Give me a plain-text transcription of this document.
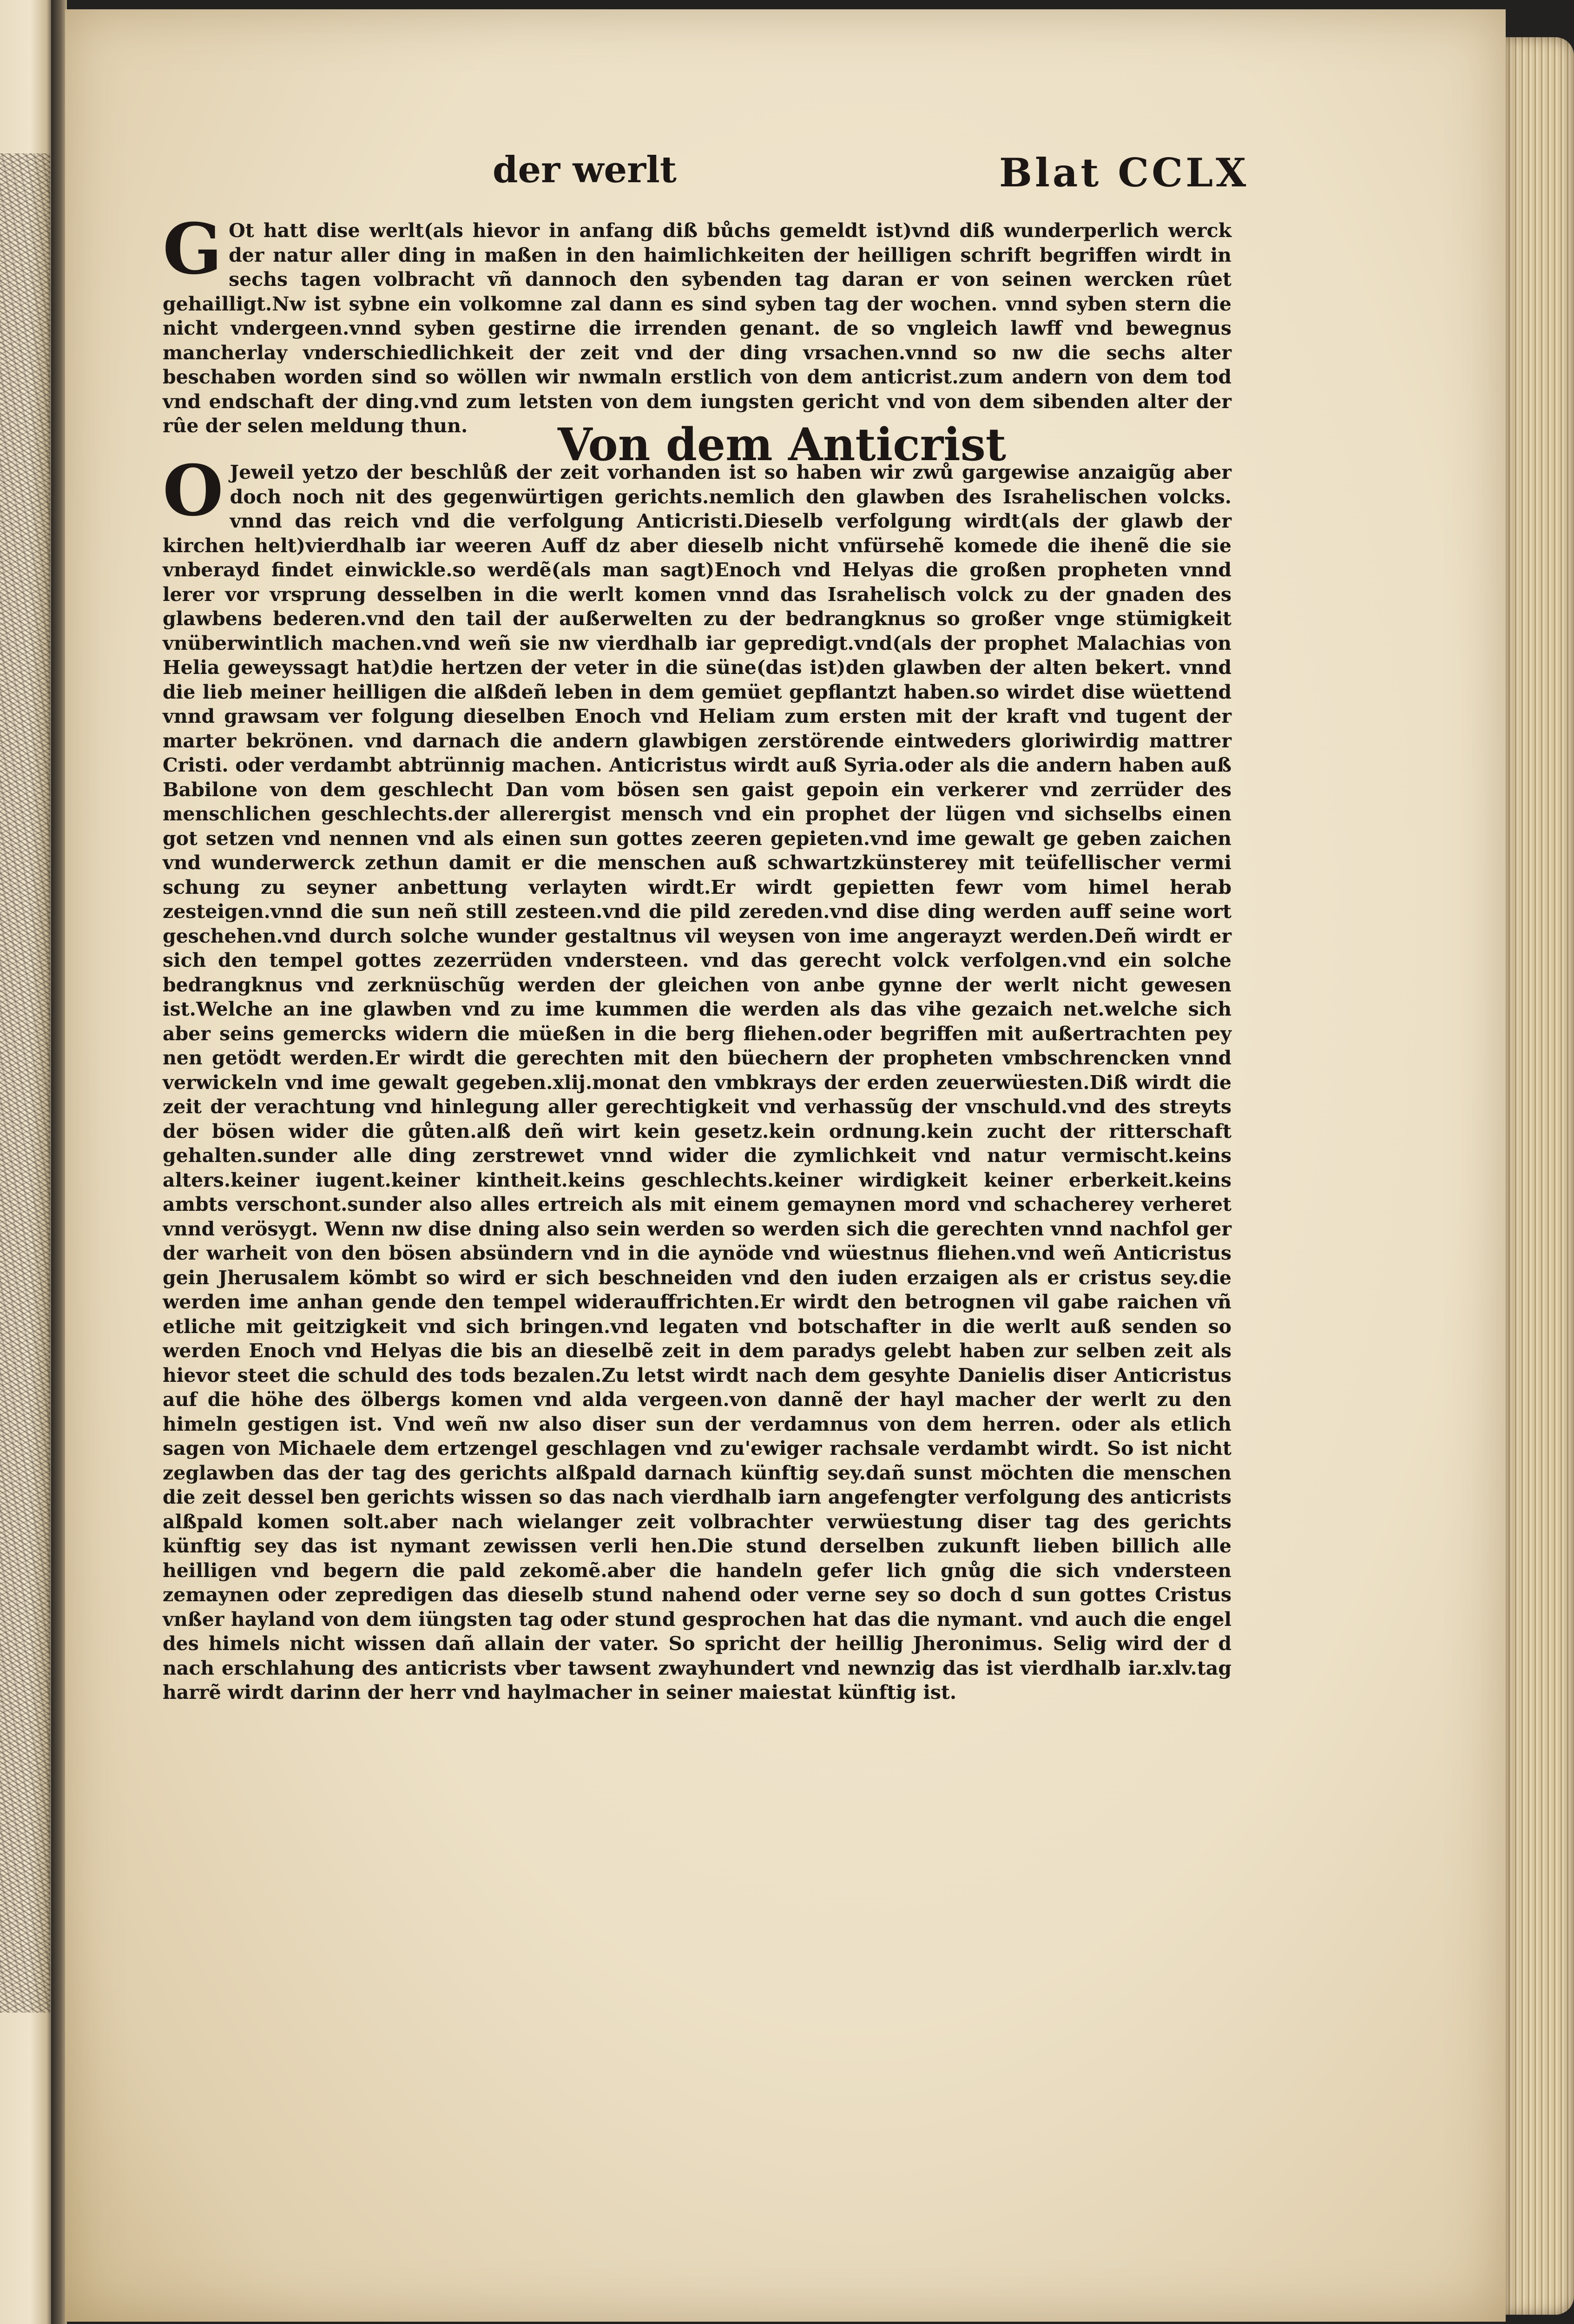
der werlt	Blat CCLX

G Ot hatt dise werlt(als hievor in anfang diß bůchs gemeldt ist)vnd diß wunderperlich werck der natur aller ding in maßen in den haimlichkeiten der heilligen schrift begriffen wirdt in sechs tagen volbracht vñ dannoch den sybenden tag daran er von seinen wercken rûet gehailligt.Nw ist sybne ein volkomne zal dann es sind syben tag der wochen. vnnd syben stern die nicht vndergeen.vnnd syben gestirne die irrenden genant. de so vngleich lawff vnd bewegnus mancherlay vnderschiedlichkeit der zeit vnd der ding vrsachen.vnnd so nw die sechs alter beschaben worden sind so wöllen wir nwmaln erstlich von dem anticrist.zum andern von dem tod vnd endschaft der ding.vnd zum letsten von dem iungsten gericht vnd von dem sibenden alter der rûe der selen meldung thun.	Von dem Anticrist

O Jeweil yetzo der beschlůß der zeit vorhanden ist so haben wir zwů gargewise anzaigũg aber doch noch nit des gegenwürtigen gerichts.nemlich den glawben des Israhelischen volcks. vnnd das reich vnd die verfolgung Anticristi.Dieselb verfolgung wirdt(als der glawb der kirchen helt)vierdhalb iar weeren Auff dz aber dieselb nicht vnfürsehẽ komede die ihenẽ die sie vnberayd findet einwickle.so werdẽ(als man sagt)Enoch vnd Helyas die großen propheten vnnd lerer vor vrsprung desselben in die werlt komen vnnd das Israhelisch volck zu der gnaden des glawbens bederen.vnd den tail der außerwelten zu der bedrangknus so großer vnge stümigkeit vnüberwintlich machen.vnd weñ sie nw vierdhalb iar gepredigt.vnd(als der prophet Malachias von Helia geweyssagt hat)die hertzen der veter in die süne(das ist)den glawben der alten bekert. vnnd die lieb meiner heilligen die alßdeñ leben in dem gemüet gepflantzt haben.so wirdet dise wüettend vnnd grawsam ver folgung dieselben Enoch vnd Heliam zum ersten mit der kraft vnd tugent der marter bekrönen. vnd darnach die andern glawbigen zerstörende eintweders gloriwirdig mattrer Cristi. oder verdambt abtrünnig machen. Anticristus wirdt auß Syria.oder als die andern haben auß Babilone von dem geschlecht Dan vom bösen sen gaist gepoin ein verkerer vnd zerrüder des menschlichen geschlechts.der allerergist mensch vnd ein prophet der lügen vnd sichselbs einen got setzen vnd nennen vnd als einen sun gottes zeeren gepieten.vnd ime gewalt ge geben zaichen vnd wunderwerck zethun damit er die menschen auß schwartzkünsterey mit teüfellischer vermi schung zu seyner anbettung verlayten wirdt.Er wirdt gepietten fewr vom himel herab zesteigen.vnnd die sun neñ still zesteen.vnd die pild zereden.vnd dise ding werden auff seine wort geschehen.vnd durch solche wunder gestaltnus vil weysen von ime angerayzt werden.Deñ wirdt er sich den tempel gottes zezerrüden vndersteen. vnd das gerecht volck verfolgen.vnd ein solche bedrangknus vnd zerknüschũg werden der gleichen von anbe gynne der werlt nicht gewesen ist.Welche an ine glawben vnd zu ime kummen die werden als das vihe gezaich net.welche sich aber seins gemercks widern die müeßen in die berg fliehen.oder begriffen mit außertrachten pey nen getödt werden.Er wirdt die gerechten mit den büechern der propheten vmbschrencken vnnd verwickeln vnd ime gewalt gegeben.xlij.monat den vmbkrays der erden zeuerwüesten.Diß wirdt die zeit der verachtung vnd hinlegung aller gerechtigkeit vnd verhassũg der vnschuld.vnd des streyts der bösen wider die gůten.alß deñ wirt kein gesetz.kein ordnung.kein zucht der ritterschaft gehalten.sunder alle ding zerstrewet vnnd wider die zymlichkeit vnd natur vermischt.keins alters.keiner iugent.keiner kintheit.keins geschlechts.keiner wirdigkeit keiner erberkeit.keins ambts verschont.sunder also alles ertreich als mit einem gemaynen mord vnd schacherey verheret vnnd verösygt. Wenn nw dise dning also sein werden so werden sich die gerechten vnnd nachfol ger der warheit von den bösen absündern vnd in die aynöde vnd wüestnus fliehen.vnd weñ Anticristus gein Jherusalem kömbt so wird er sich beschneiden vnd den iuden erzaigen als er cristus sey.die werden ime anhan gende den tempel widerauffrichten.Er wirdt den betrognen vil gabe raichen vñ etliche mit geitzigkeit vnd sich bringen.vnd legaten vnd botschafter in die werlt auß senden so werden Enoch vnd Helyas die bis an dieselbẽ zeit in dem paradys gelebt haben zur selben zeit als hievor steet die schuld des tods bezalen.Zu letst wirdt nach dem gesyhte Danielis diser Anticristus auf die höhe des ölbergs komen vnd alda vergeen.von dannẽ der hayl macher der werlt zu den himeln gestigen ist. Vnd weñ nw also diser sun der verdamnus von dem herren. oder als etlich sagen von Michaele dem ertzengel geschlagen vnd zu'ewiger rachsale verdambt wirdt. So ist nicht zeglawben das der tag des gerichts alßpald darnach künftig sey.dañ sunst möchten die menschen die zeit dessel ben gerichts wissen so das nach vierdhalb iarn angefengter verfolgung des anticrists alßpald komen solt.aber nach wielanger zeit volbrachter verwüestung diser tag des gerichts künftig sey das ist nymant zewissen verli hen.Die stund derselben zukunft lieben billich alle heilligen vnd begern die pald zekomẽ.aber die handeln gefer lich gnůg die sich vndersteen zemaynen oder zepredigen das dieselb stund nahend oder verne sey so doch d sun gottes Cristus vnßer hayland von dem iüngsten tag oder stund gesprochen hat das die nymant. vnd auch die engel des himels nicht wissen dañ allain der vater. So spricht der heillig Jheronimus. Selig wird der d nach erschlahung des anticrists vber tawsent zwayhundert vnd newnzig das ist vierdhalb iar.xlv.tag harrẽ wirdt darinn der herr vnd haylmacher in seiner maiestat künftig ist.
